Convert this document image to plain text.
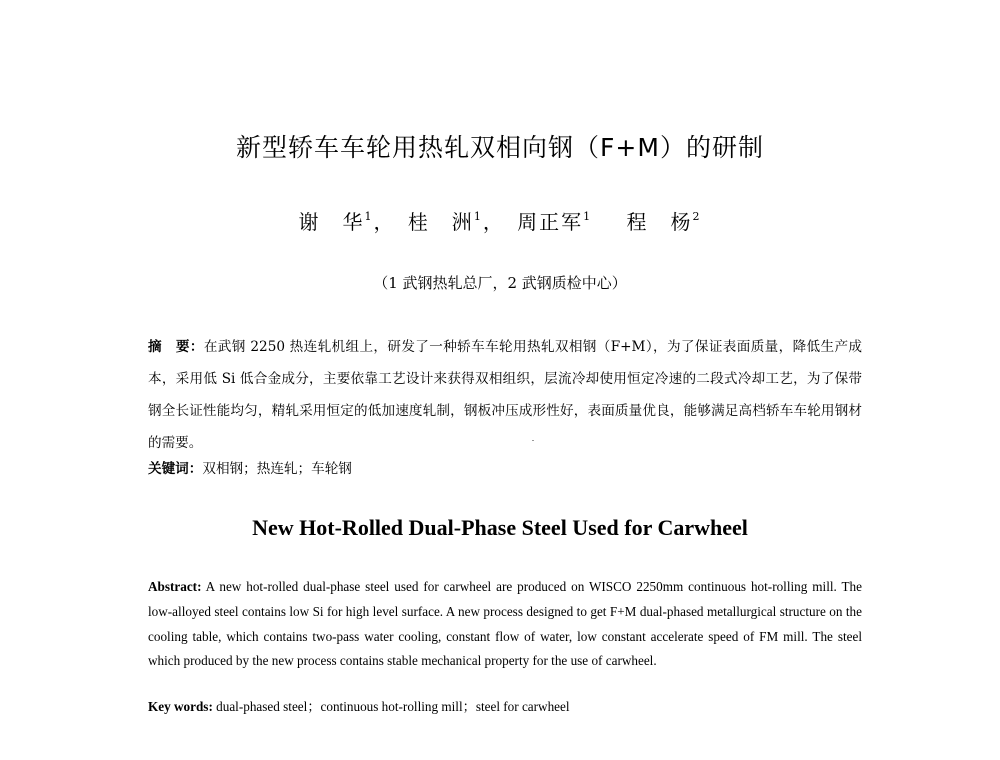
新型轿车车轮用热轧双相向钢（F+M）的研制
谢　华$^1$ ， 桂　洲$^1$ ， 周正军$^1$　 程　杨$^2$
（1 武钢热轧总厂，2 武钢质检中心）
摘　要：在武钢 2250 热连轧机组上，研发了一种轿车车轮用热轧双相钢（F+M），为了保证表面质量，降低生产成本，采用低 Si 低合金成分，主要依靠工艺设计来获得双相组织，层流冷却使用恒定冷速的二段式冷却工艺，为了保带钢全长证性能均匀，精轧采用恒定的低加速度轧制，钢板冲压成形性好，表面质量优良，能够满足高档轿车车轮用钢材的需要。
关键词：双相钢；热连轧；车轮钢
New Hot-Rolled Dual-Phase Steel Used for Carwheel
Abstract: A new hot-rolled dual-phase steel used for carwheel are produced on WISCO 2250mm continuous hot-rolling mill. The low-alloyed steel contains low Si for high level surface. A new process designed to get F+M dual-phased metallurgical structure on the cooling table, which contains two-pass water cooling, constant flow of water, low constant accelerate speed of FM mill. The steel which produced by the new process contains stable mechanical property for the use of carwheel.
Key words: dual-phased steel；continuous hot-rolling mill；steel for carwheel
